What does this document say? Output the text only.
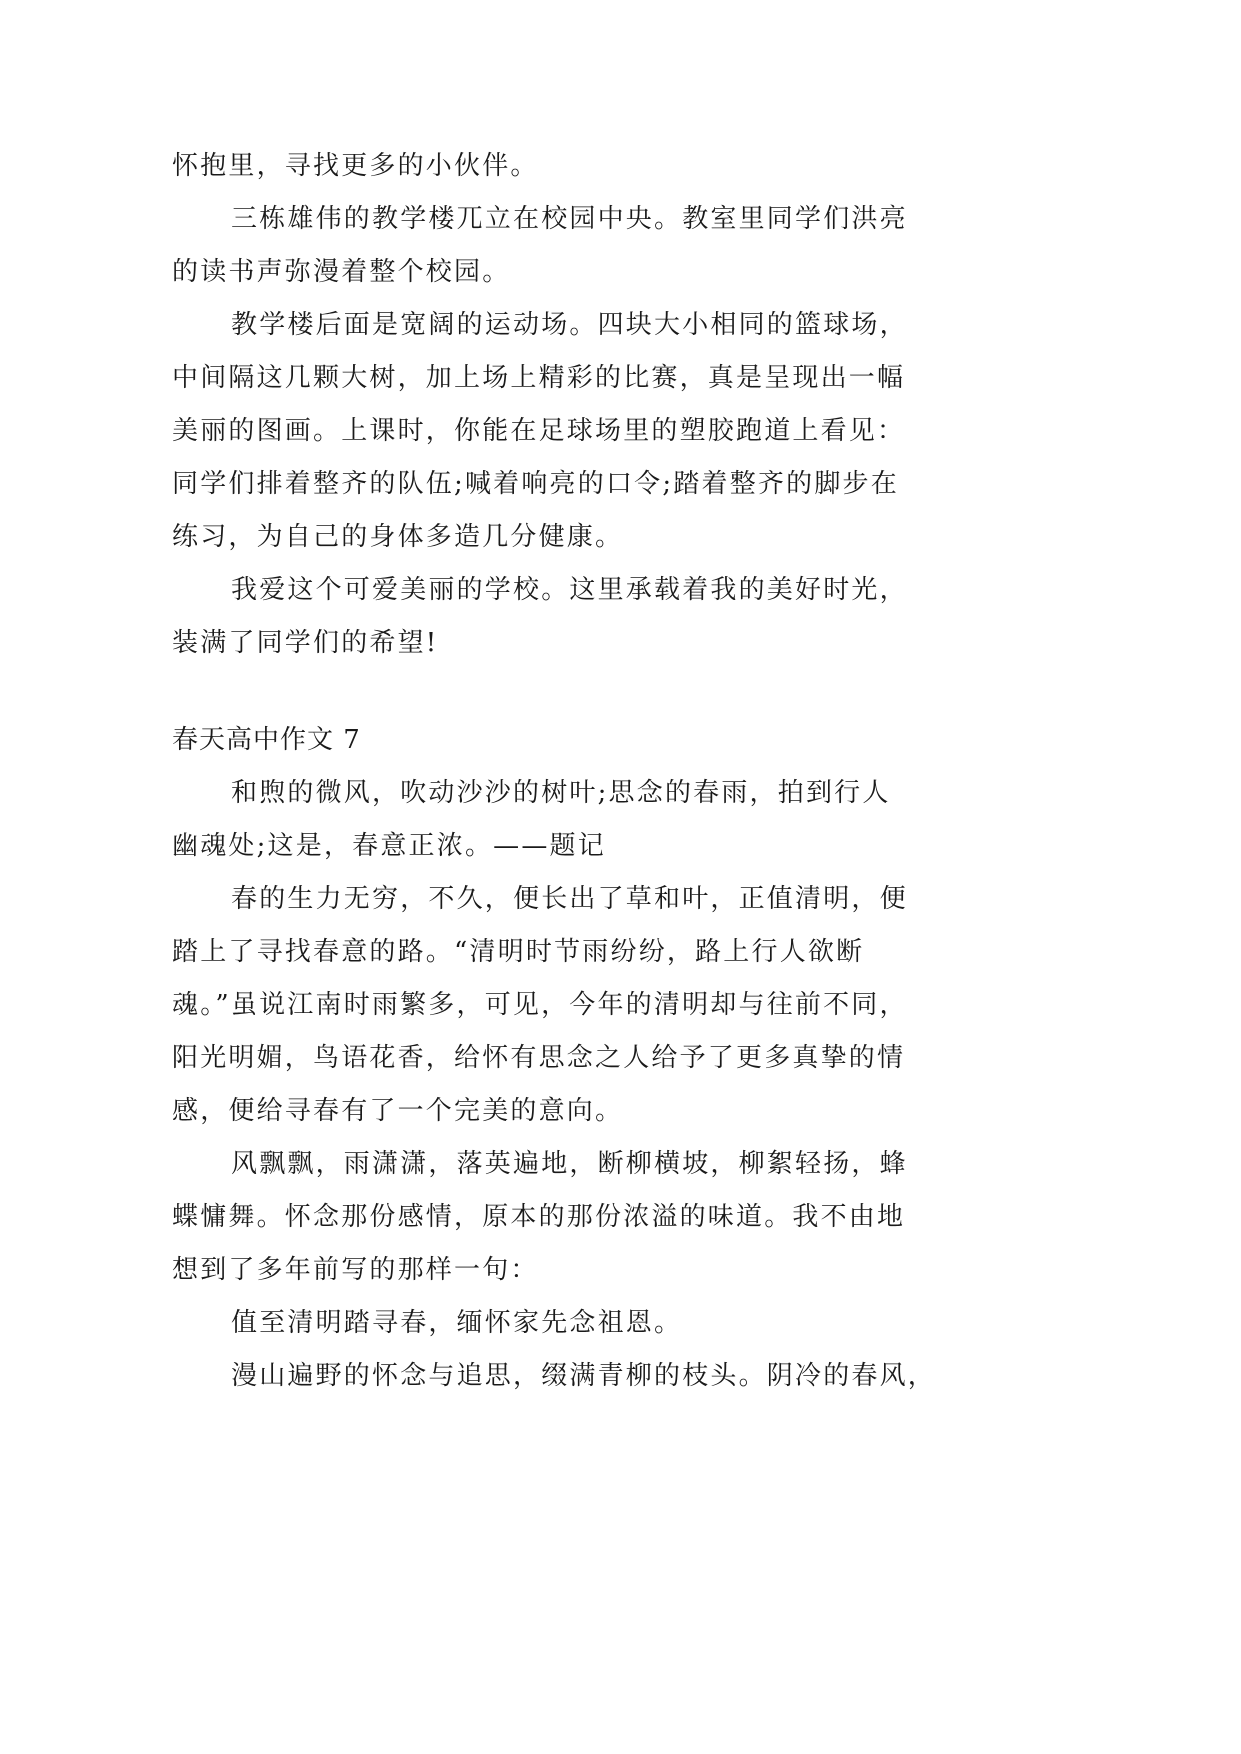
怀抱里，寻找更多的小伙伴。
三栋雄伟的教学楼兀立在校园中央。教室里同学们洪亮
的读书声弥漫着整个校园。
教学楼后面是宽阔的运动场。四块大小相同的篮球场，
中间隔这几颗大树，加上场上精彩的比赛，真是呈现出一幅
美丽的图画。上课时，你能在足球场里的塑胶跑道上看见：
同学们排着整齐的队伍;喊着响亮的口令;踏着整齐的脚步在
练习，为自己的身体多造几分健康。
我爱这个可爱美丽的学校。这里承载着我的美好时光，
装满了同学们的希望!
春天高中作文 7
和煦的微风，吹动沙沙的树叶;思念的春雨，拍到行人
幽魂处;这是，春意正浓。——题记
春的生力无穷，不久，便长出了草和叶，正值清明，便
踏上了寻找春意的路。“清明时节雨纷纷，路上行人欲断
魂。”虽说江南时雨繁多，可见，今年的清明却与往前不同，
阳光明媚，鸟语花香，给怀有思念之人给予了更多真挚的情
感，便给寻春有了一个完美的意向。
风飘飘，雨潇潇，落英遍地，断柳横坡，柳絮轻扬，蜂
蝶慵舞。怀念那份感情，原本的那份浓溢的味道。我不由地
想到了多年前写的那样一句：
值至清明踏寻春，缅怀家先念祖恩。
漫山遍野的怀念与追思，缀满青柳的枝头。阴冷的春风，
